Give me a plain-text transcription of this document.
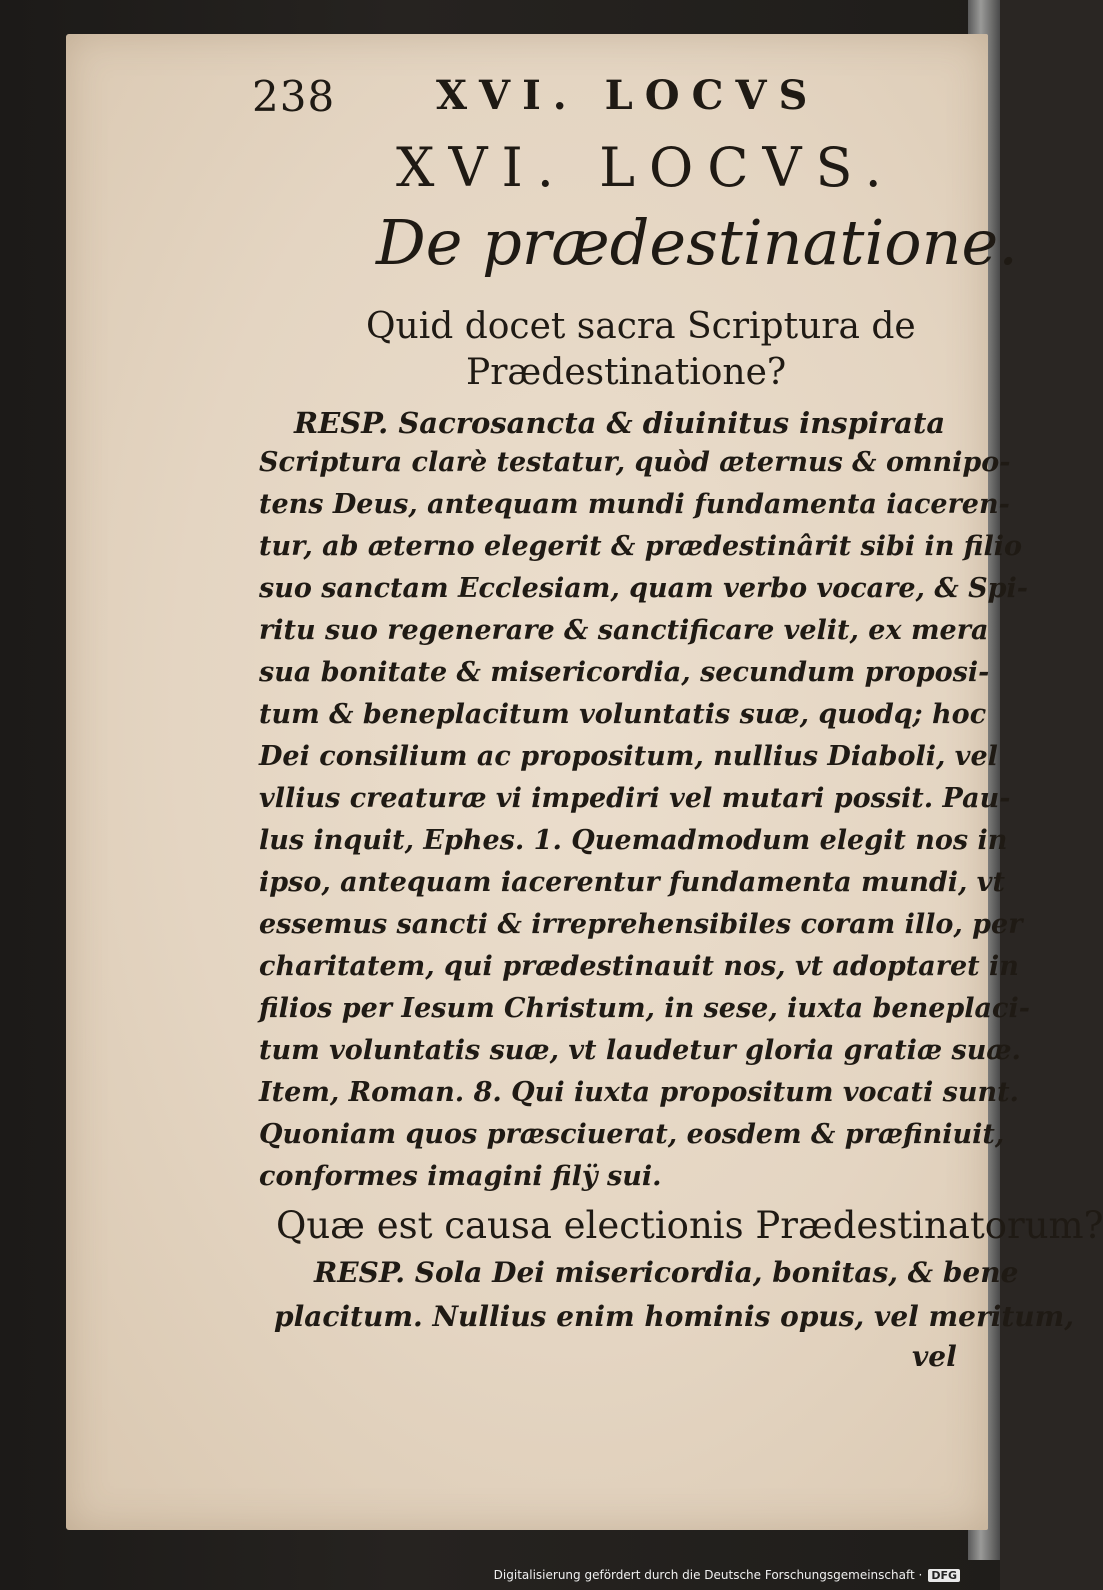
238	XVI. LOCVS
XVI. LOCVS.
De prædestinatione.
Quid docet sacra Scriptura de
Prædestinatione?
RESP. Sacrosancta & diuinitus inspirata
Scriptura clarè testatur, quòd æternus & omnipo-
tens Deus, antequam mundi fundamenta iaceren-
tur, ab æterno elegerit & prædestinârit sibi in filio
suo sanctam Ecclesiam, quam verbo vocare, & Spi-
ritu suo regenerare & sanctificare velit, ex mera
sua bonitate & misericordia, secundum proposi-
tum & beneplacitum voluntatis suæ, quodq; hoc
Dei consilium ac propositum, nullius Diaboli, vel
vllius creaturæ vi impediri vel mutari possit. Pau-
lus inquit, Ephes. 1. Quemadmodum elegit nos in
ipso, antequam iacerentur fundamenta mundi, vt
essemus sancti & irreprehensibiles coram illo, per
charitatem, qui prædestinauit nos, vt adoptaret in
filios per Iesum Christum, in sese, iuxta beneplaci-
tum voluntatis suæ, vt laudetur gloria gratiæ suæ.
Item, Roman. 8. Qui iuxta propositum vocati sunt.
Quoniam quos præsciuerat, eosdem & præfiniuit,
conformes imagini filÿ sui.
Quæ est causa electionis Prædestinatorum?
RESP. Sola Dei misericordia, bonitas, & bene
placitum. Nullius enim hominis opus, vel meritum,
vel
Digitalisierung gefördert durch die Deutsche Forschungsgemeinschaft · DFG
